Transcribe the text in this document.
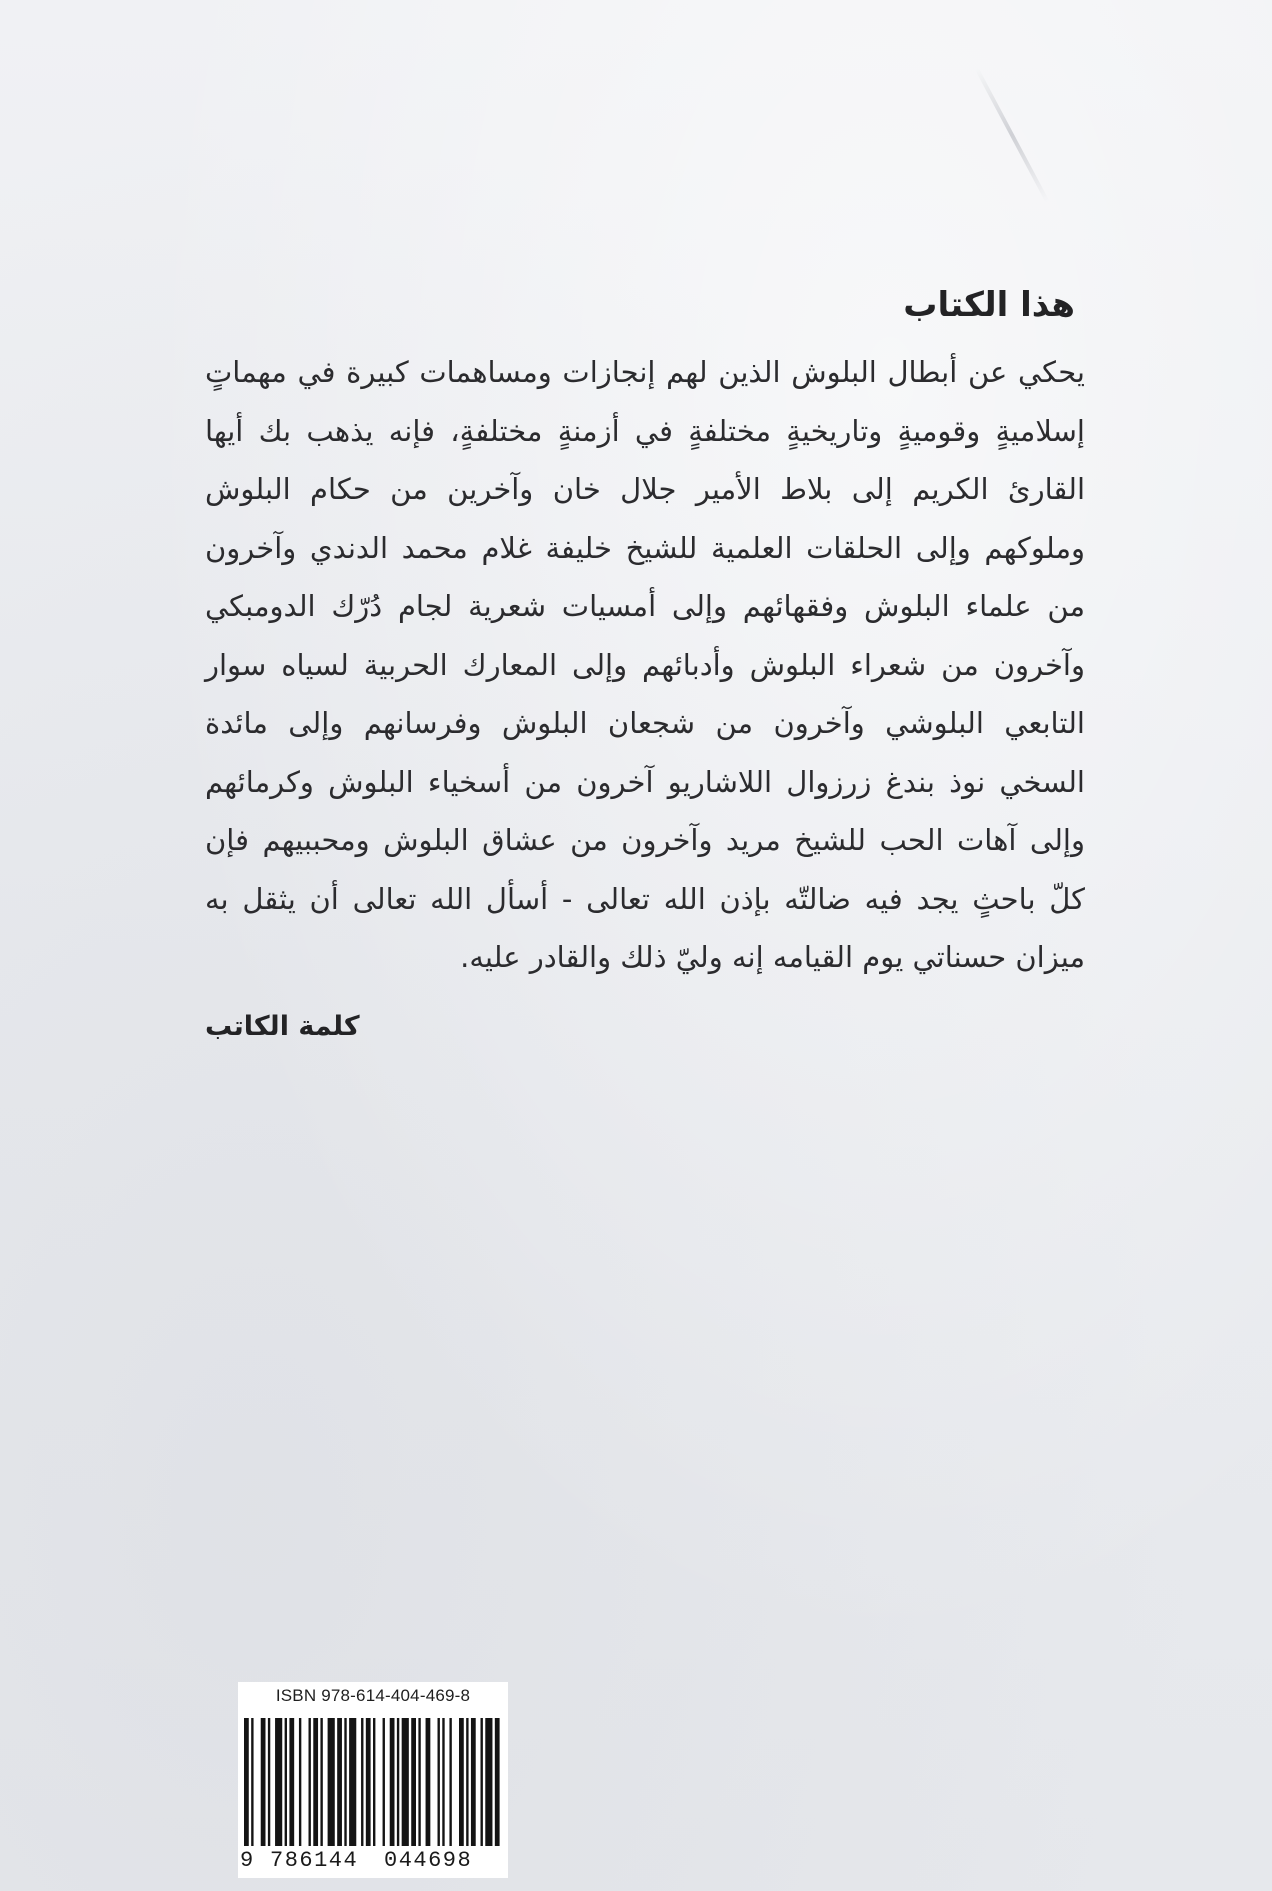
هذا الكتاب

يحكي عن أبطال البلوش الذين لهم إنجازات ومساهمات كبيرة في مهماتٍ إسلاميةٍ وقوميةٍ وتاريخيةٍ مختلفةٍ في أزمنةٍ مختلفةٍ، فإنه يذهب بك أيها القارئ الكريم إلى بلاط الأمير جلال خان وآخرين من حكام البلوش وملوكهم وإلى الحلقات العلمية للشيخ خليفة غلام محمد الدندي وآخرون من علماء البلوش وفقهائهم وإلى أمسيات شعرية لجام دُرّك الدومبكي وآخرون من شعراء البلوش وأدبائهم وإلى المعارك الحربية لسياه سوار التابعي البلوشي وآخرون من شجعان البلوش وفرسانهم وإلى مائدة السخي نوذ بندغ زرزوال اللاشاريو آخرون من أسخياء البلوش وكرمائهم وإلى آهات الحب للشيخ مريد وآخرون من عشاق البلوش ومحببيهم فإن كلّ باحثٍ يجد فيه ضالتّه بإذن الله تعالى - أسأل الله تعالى أن يثقل به ميزان حسناتي يوم القيامه إنه وليّ ذلك والقادر عليه.

كلمة الكاتب

ISBN 978-614-404-469-8
9 786144 044698
